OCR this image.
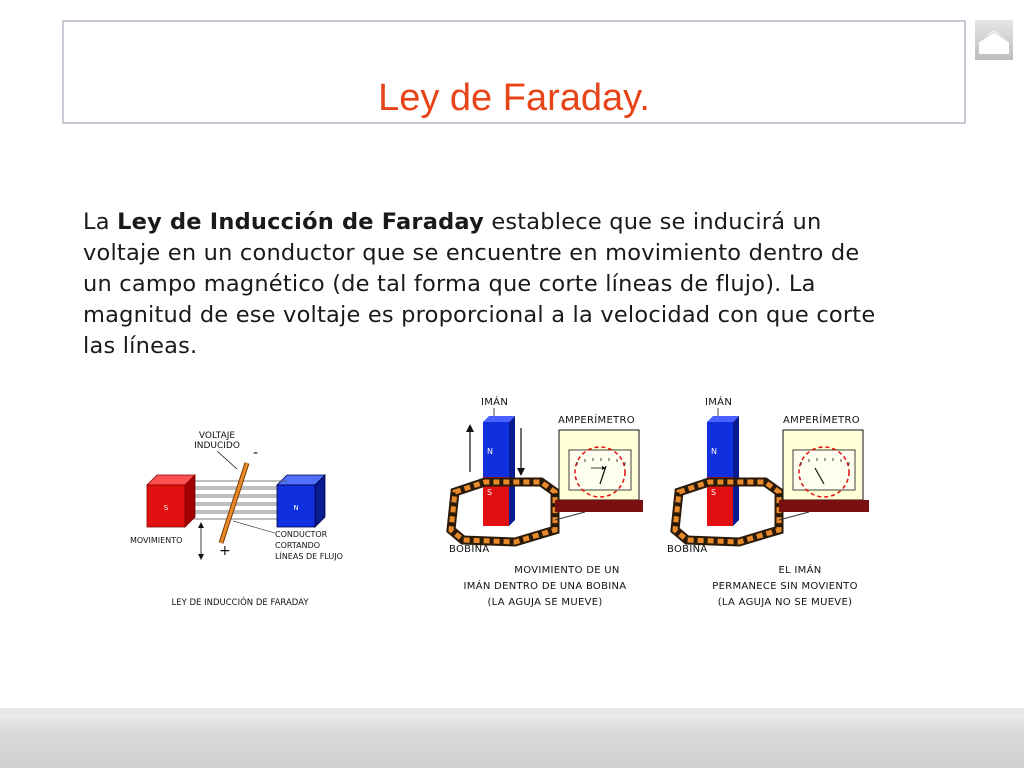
Ley de Faraday.
La Ley de Inducción de Faraday establece que se inducirá un
voltaje en un conductor que se encuentre en movimiento dentro de
un campo magnético (de tal forma que corte líneas de flujo). La
magnitud de ese voltaje es proporcional a la velocidad con que corte
las líneas.
S	N
VOLTAJE
INDUCIDO -
+
MOVIMIENTO
CONDUCTOR
CORTANDO
LÍNEAS DE FLUJO
LEY DE INDUCCIÓN DE FARADAY
IMÁN
AMPERÍMETRO
N
S
BOBINA
MOVIMIENTO DE UN
IMÁN DENTRO DE UNA BOBINA
(LA AGUJA SE MUEVE)
IMÁN
AMPERÍMETRO
N
S
BOBINA
EL IMÁN
PERMANECE SIN MOVIENTO
(LA AGUJA NO SE MUEVE)
